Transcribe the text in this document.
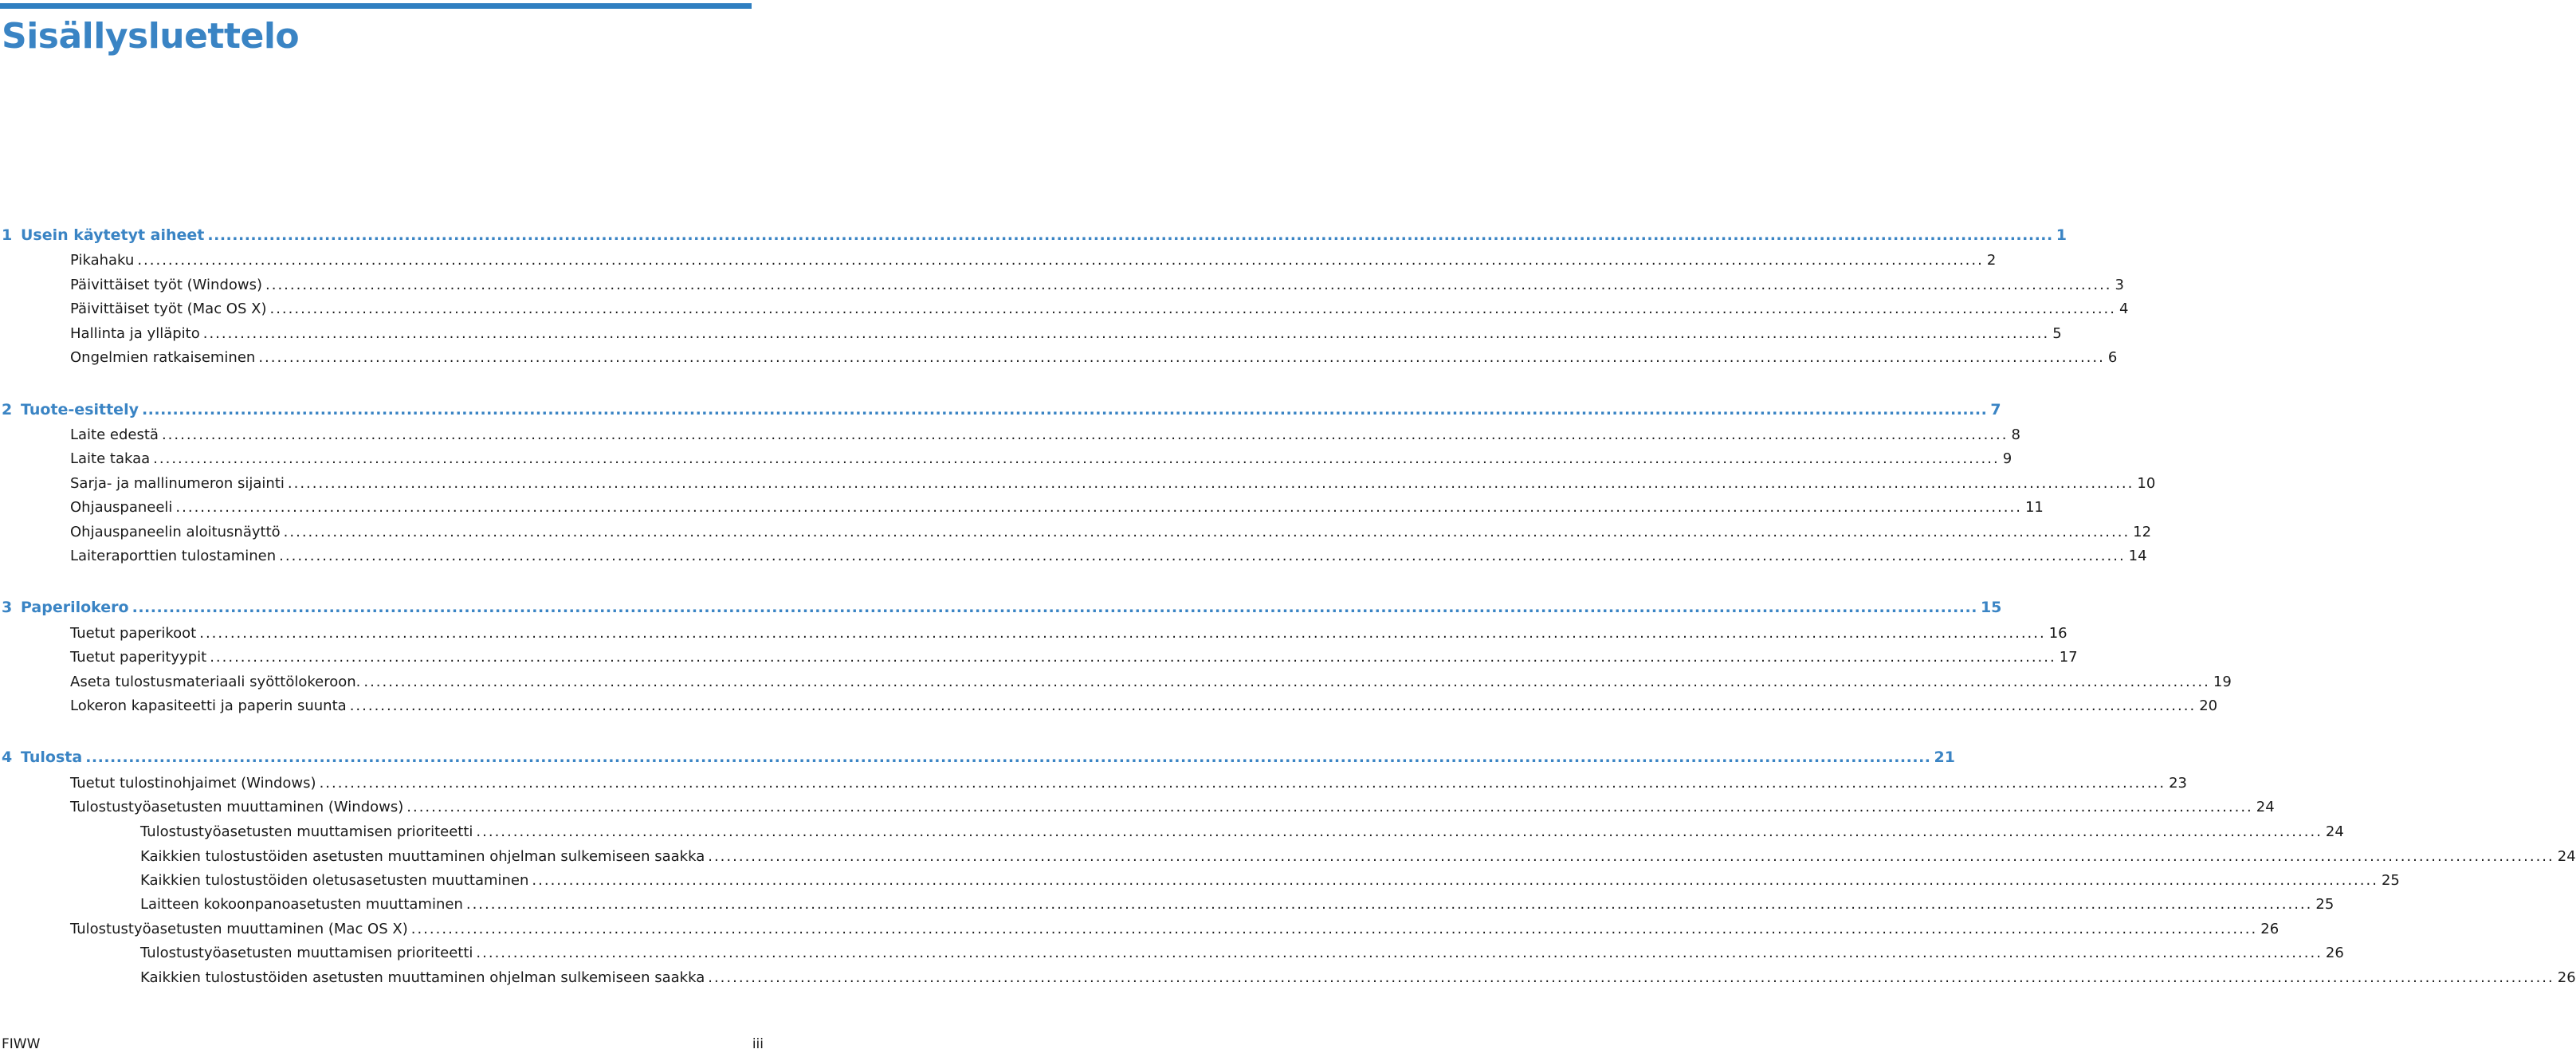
Sisällysluettelo
1 Usein käytetyt aiheet ............................................................................................................................................................................................................................................................................................................ 1
Pikahaku ............................................................................................................................................................................................................................................................................................................ 2
Päivittäiset työt (Windows) ............................................................................................................................................................................................................................................................................................................ 3
Päivittäiset työt (Mac OS X) ............................................................................................................................................................................................................................................................................................................ 4
Hallinta ja ylläpito ............................................................................................................................................................................................................................................................................................................ 5
Ongelmien ratkaiseminen ............................................................................................................................................................................................................................................................................................................ 6
2 Tuote-esittely ............................................................................................................................................................................................................................................................................................................ 7
Laite edestä ............................................................................................................................................................................................................................................................................................................ 8
Laite takaa ............................................................................................................................................................................................................................................................................................................ 9
Sarja- ja mallinumeron sijainti ............................................................................................................................................................................................................................................................................................................ 10
Ohjauspaneeli ............................................................................................................................................................................................................................................................................................................ 11
Ohjauspaneelin aloitusnäyttö ............................................................................................................................................................................................................................................................................................................ 12
Laiteraporttien tulostaminen ............................................................................................................................................................................................................................................................................................................ 14
3 Paperilokero ............................................................................................................................................................................................................................................................................................................ 15
Tuetut paperikoot ............................................................................................................................................................................................................................................................................................................ 16
Tuetut paperityypit ............................................................................................................................................................................................................................................................................................................ 17
Aseta tulostusmateriaali syöttölokeroon. ............................................................................................................................................................................................................................................................................................................ 19
Lokeron kapasiteetti ja paperin suunta ............................................................................................................................................................................................................................................................................................................ 20
4 Tulosta ............................................................................................................................................................................................................................................................................................................ 21
Tuetut tulostinohjaimet (Windows) ............................................................................................................................................................................................................................................................................................................ 23
Tulostustyöasetusten muuttaminen (Windows) ............................................................................................................................................................................................................................................................................................................ 24
Tulostustyöasetusten muuttamisen prioriteetti ............................................................................................................................................................................................................................................................................................................ 24
Kaikkien tulostustöiden asetusten muuttaminen ohjelman sulkemiseen saakka ............................................................................................................................................................................................................................................................................................................ 24
Kaikkien tulostustöiden oletusasetusten muuttaminen ............................................................................................................................................................................................................................................................................................................ 25
Laitteen kokoonpanoasetusten muuttaminen ............................................................................................................................................................................................................................................................................................................ 25
Tulostustyöasetusten muuttaminen (Mac OS X) ............................................................................................................................................................................................................................................................................................................ 26
Tulostustyöasetusten muuttamisen prioriteetti ............................................................................................................................................................................................................................................................................................................ 26
Kaikkien tulostustöiden asetusten muuttaminen ohjelman sulkemiseen saakka ............................................................................................................................................................................................................................................................................................................ 26
FIWW	iii
